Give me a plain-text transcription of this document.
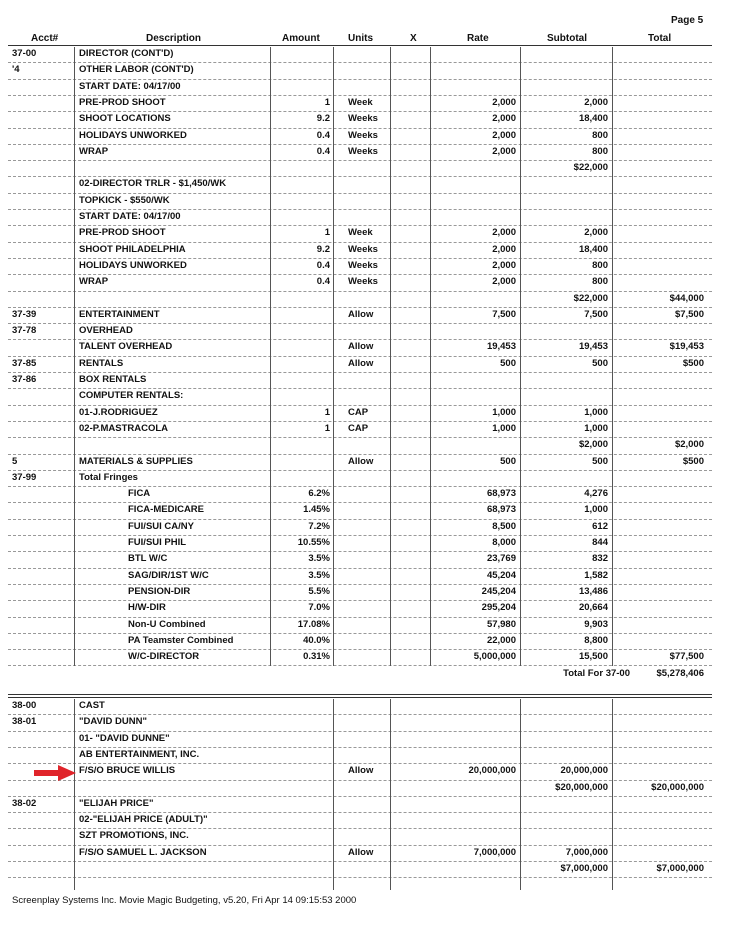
Page 5
Acct#	Description	Amount	Units	X	Rate	Subtotal	Total
37-00	DIRECTOR (CONT'D)
'4	OTHER LABOR (CONT'D)
START DATE: 04/17/00
PRE-PROD SHOOT	1 Week	2,000	2,000
SHOOT LOCATIONS	9.2 Weeks	2,000	18,400
HOLIDAYS UNWORKED	0.4 Weeks	2,000	800
WRAP	0.4 Weeks	2,000	800
$22,000
02-DIRECTOR TRLR - $1,450/WK
TOPKICK - $550/WK
START DATE: 04/17/00
PRE-PROD SHOOT	1 Week	2,000	2,000
SHOOT PHILADELPHIA	9.2 Weeks	2,000	18,400
HOLIDAYS UNWORKED	0.4 Weeks	2,000	800
WRAP	0.4 Weeks	2,000	800
$22,000	$44,000
37-39	ENTERTAINMENT	Allow	7,500	7,500	$7,500
37-78	OVERHEAD
TALENT OVERHEAD	Allow	19,453	19,453	$19,453
37-85	RENTALS	Allow	500	500	$500
37-86	BOX RENTALS
COMPUTER RENTALS:
01-J.RODRIGUEZ	1 CAP	1,000	1,000
02-P.MASTRACOLA	1 CAP	1,000	1,000
$2,000	$2,000
5	MATERIALS & SUPPLIES	Allow	500	500	$500
37-99	Total Fringes
FICA	6.2%	68,973	4,276
FICA-MEDICARE	1.45%	68,973	1,000
FUI/SUI CA/NY	7.2%	8,500	612
FUI/SUI PHIL	10.55%	8,000	844
BTL W/C	3.5%	23,769	832
SAG/DIR/1ST W/C	3.5%	45,204	1,582
PENSION-DIR	5.5%	245,204	13,486
H/W-DIR	7.0%	295,204	20,664
Non-U Combined	17.08%	57,980	9,903
PA Teamster Combined	40.0%	22,000	8,800
W/C-DIRECTOR	0.31%	5,000,000	15,500	$77,500
Total For 37-00	$5,278,406
38-00	CAST
38-01	"DAVID DUNN"
01- "DAVID DUNNE"
AB ENTERTAINMENT, INC.
F/S/O BRUCE WILLIS	Allow	20,000,000	20,000,000
$20,000,000	$20,000,000
38-02	"ELIJAH PRICE"
02-"ELIJAH PRICE (ADULT)"
SZT PROMOTIONS, INC.
F/S/O SAMUEL L. JACKSON	Allow	7,000,000	7,000,000
$7,000,000	$7,000,000
Screenplay Systems Inc. Movie Magic Budgeting, v5.20, Fri Apr 14 09:15:53 2000
